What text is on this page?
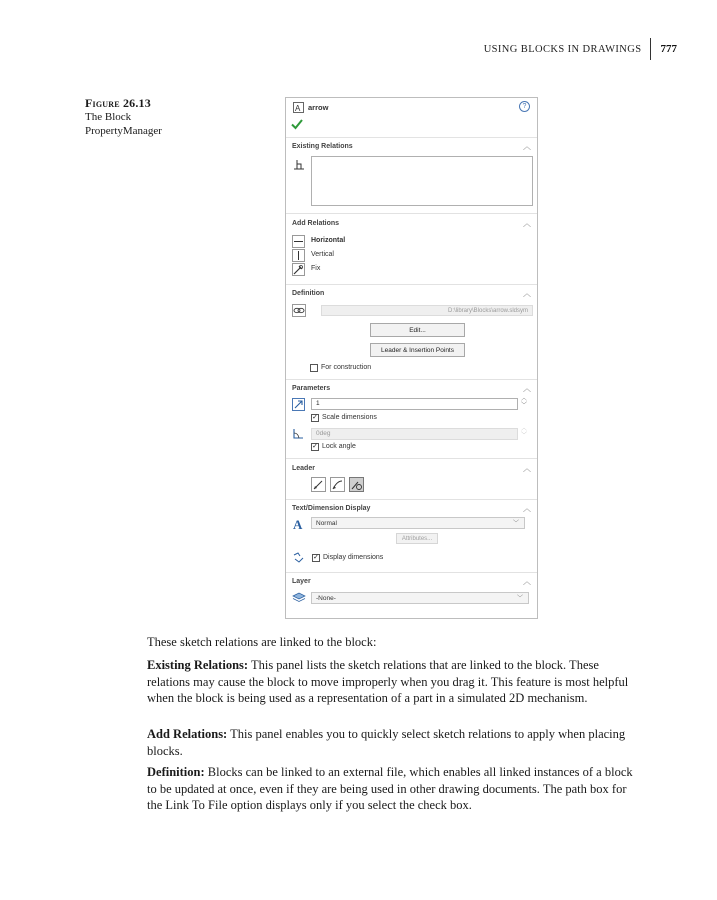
USING BLOCKS IN DRAWINGS	777
Figure 26.13
The Block PropertyManager
A arrow	?
Existing Relations	︿
Add Relations	︿
Horizontal
Vertical
Fix
Definition	︿
D:\library\Blocks\arrow.sldsym
Edit...
Leader & Insertion Points
For construction
Parameters	︿
1
︿
﹀
✓ Scale dimensions
0deg
︿
﹀
✓ Lock angle
Leader	︿
Text/Dimension Display	︿
A Normal	﹀
Attributes...
✓ Display dimensions
Layer	︿
-None-	﹀
These sketch relations are linked to the block:
Existing Relations: This panel lists the sketch relations that are linked to the block. These relations may cause the block to move improperly when you drag it. This feature is most helpful when the block is being used as a representation of a part in a simulated 2D mechanism.
Add Relations: This panel enables you to quickly select sketch relations to apply when placing blocks.
Definition: Blocks can be linked to an external file, which enables all linked instances of a block to be updated at once, even if they are being used in other drawing documents. The path box for the Link To File option displays only if you select the check box.
